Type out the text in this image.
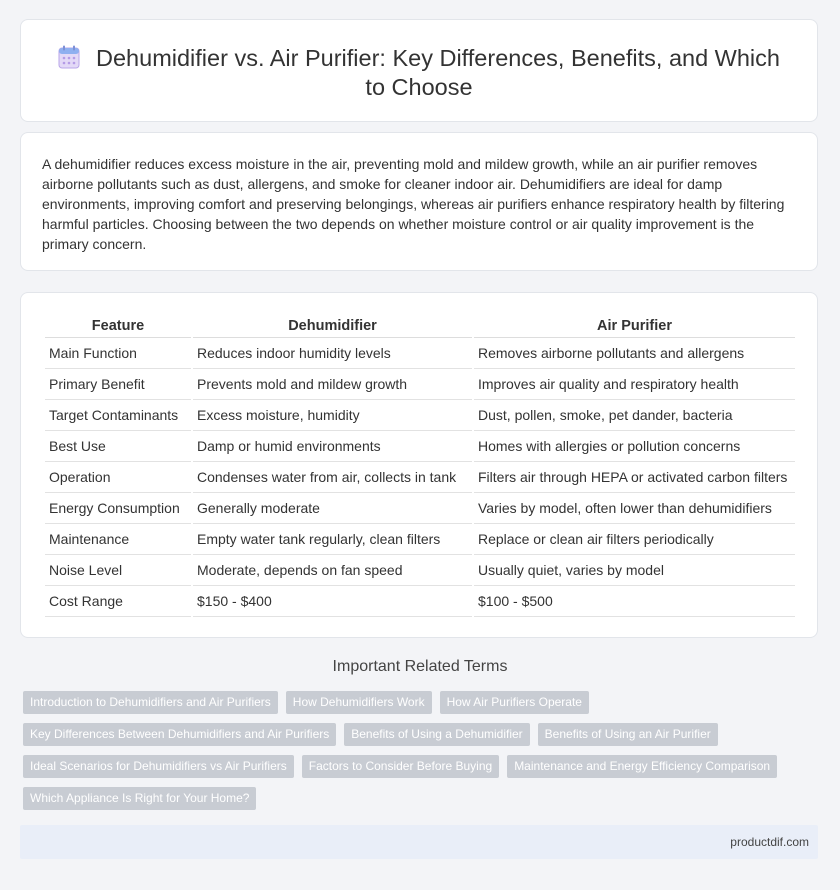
Dehumidifier vs. Air Purifier: Key Differences, Benefits, and Which to Choose

A dehumidifier reduces excess moisture in the air, preventing mold and mildew growth, while an air purifier removes airborne pollutants such as dust, allergens, and smoke for cleaner indoor air. Dehumidifiers are ideal for damp environments, improving comfort and preserving belongings, whereas air purifiers enhance respiratory health by filtering harmful particles. Choosing between the two depends on whether moisture control or air quality improvement is the primary concern.

Feature	Dehumidifier	Air Purifier
Main Function	Reduces indoor humidity levels	Removes airborne pollutants and allergens
Primary Benefit	Prevents mold and mildew growth	Improves air quality and respiratory health
Target Contaminants	Excess moisture, humidity	Dust, pollen, smoke, pet dander, bacteria
Best Use	Damp or humid environments	Homes with allergies or pollution concerns
Operation	Condenses water from air, collects in tank	Filters air through HEPA or activated carbon filters
Energy Consumption	Generally moderate	Varies by model, often lower than dehumidifiers
Maintenance	Empty water tank regularly, clean filters	Replace or clean air filters periodically
Noise Level	Moderate, depends on fan speed	Usually quiet, varies by model
Cost Range	$150 - $400	$100 - $500
Important Related Terms
Introduction to Dehumidifiers and Air Purifiers	How Dehumidifiers Work	How Air Purifiers Operate
Key Differences Between Dehumidifiers and Air Purifiers	Benefits of Using a Dehumidifier	Benefits of Using an Air Purifier
Ideal Scenarios for Dehumidifiers vs Air Purifiers	Factors to Consider Before Buying	Maintenance and Energy Efficiency Comparison
Which Appliance Is Right for Your Home?
productdif.com
